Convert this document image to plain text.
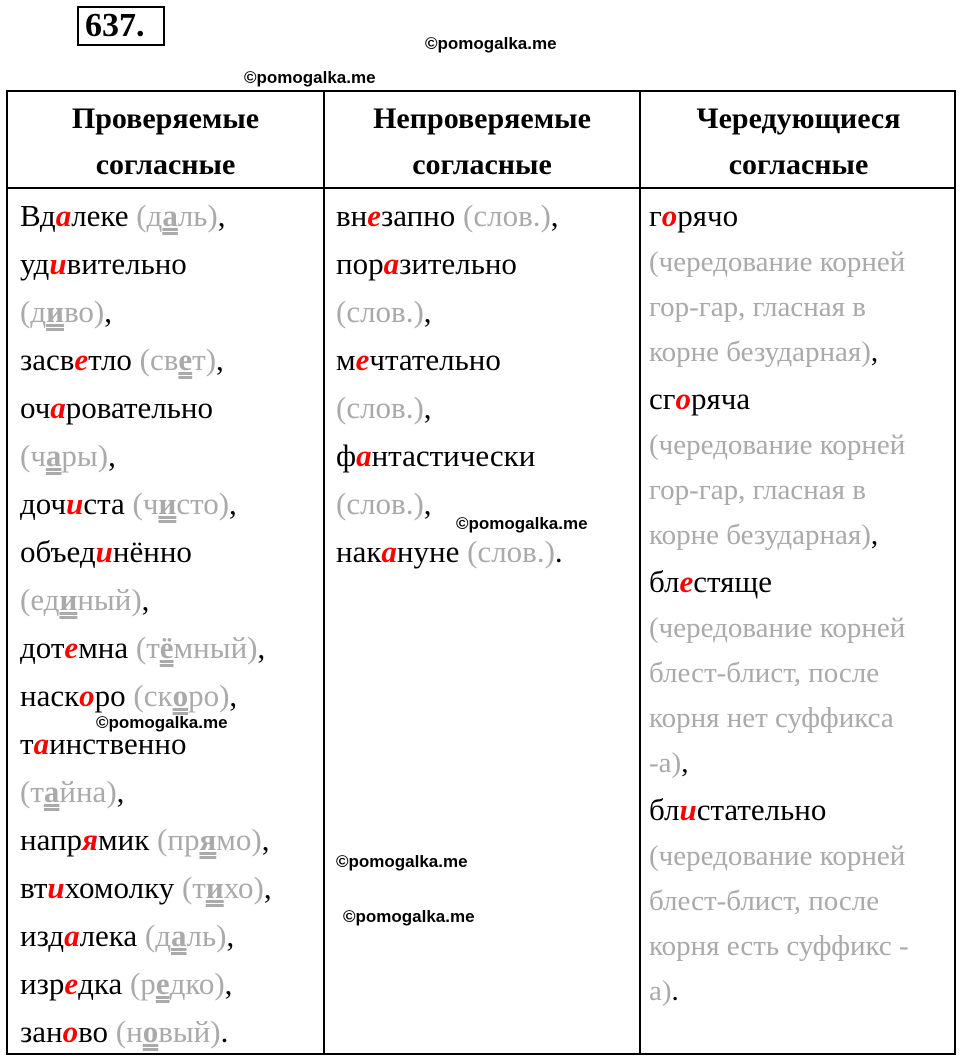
637.	©pomogalka.me
©pomogalka.me
Проверяемые
согласные
Непроверяемые
согласные
Чередующиеся
согласные
Вдалеке (даль),
удивительно
(диво),
засветло (свет),
очаровательно
(чары),
дочиста (чисто),
объединённо
(единый),
дотемна (тёмный),
наскоро (скоро),
таинственно
(тайна),
напрямик (прямо),
втихомолку (тихо),
издалека (даль),
изредка (редко),
заново (новый).
внезапно (слов.),
поразительно
(слов.),
мечтательно
(слов.),
фантастически
(слов.),
накануне (слов.).
горячо
(чередование корней
гор-гар, гласная в
корне безударная),
сгоряча
(чередование корней
гор-гар, гласная в
корне безударная),
блестяще
(чередование корней
блест-блист, после
корня нет суффикса
-а),
блистательно
(чередование корней
блест-блист, после
корня есть суффикс -
а).
©pomogalka.me
©pomogalka.me
©pomogalka.me
©pomogalka.me
